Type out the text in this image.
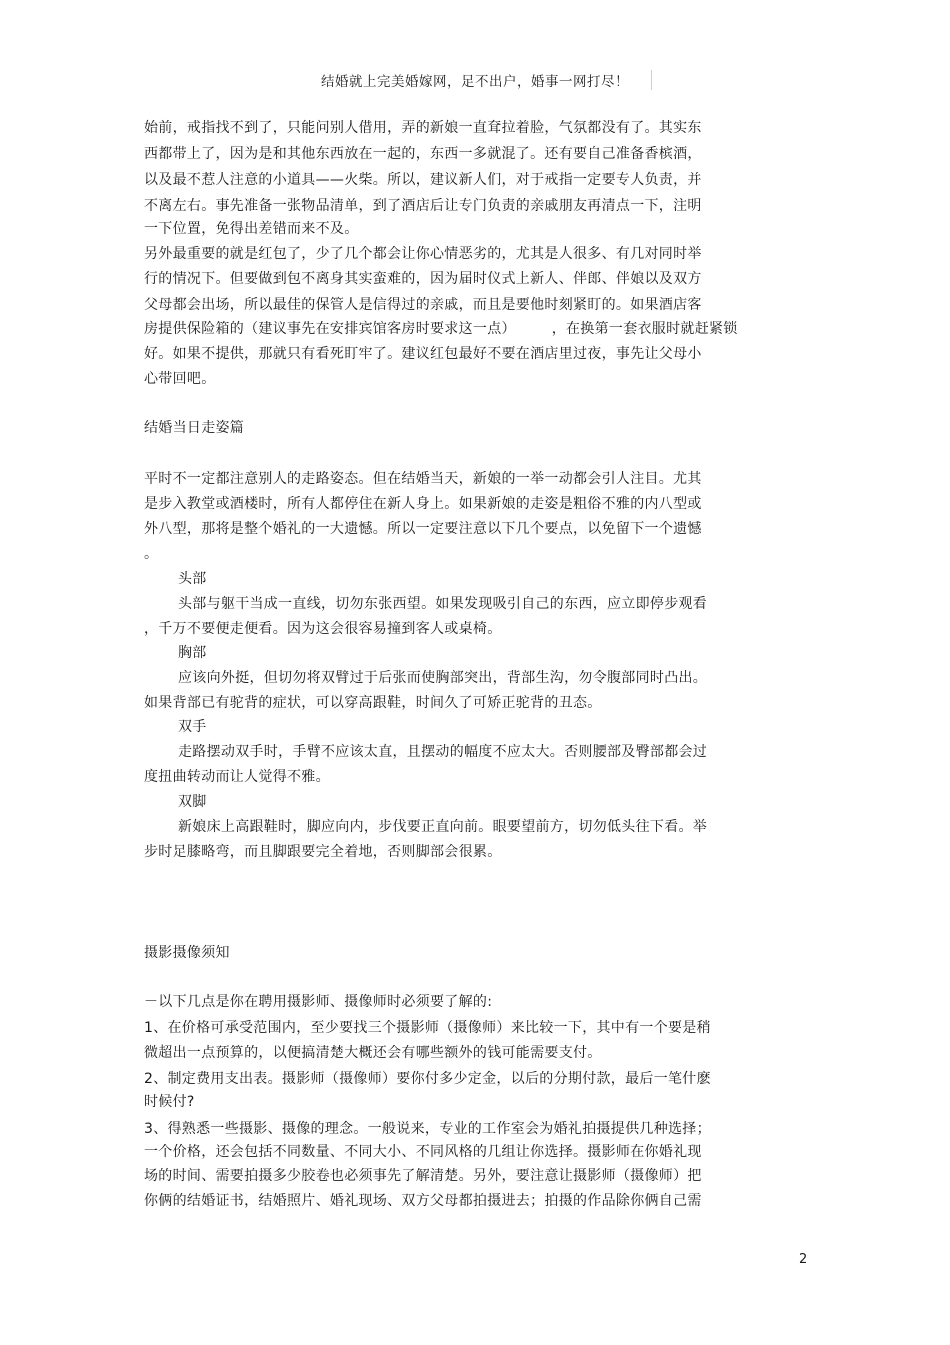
结婚就上完美婚嫁网，足不出户，婚事一网打尽！
始前，戒指找不到了，只能问别人借用，弄的新娘一直耷拉着脸，气氛都没有了。其实东
西都带上了，因为是和其他东西放在一起的，东西一多就混了。还有要自己准备香槟酒，
以及最不惹人注意的小道具——火柴。所以，建议新人们，对于戒指一定要专人负责，并
不离左右。事先准备一张物品清单，到了酒店后让专门负责的亲戚朋友再清点一下，注明
一下位置，免得出差错而来不及。
另外最重要的就是红包了，少了几个都会让你心情恶劣的，尤其是人很多、有几对同时举
行的情况下。但要做到包不离身其实蛮难的，因为届时仪式上新人、伴郎、伴娘以及双方
父母都会出场，所以最佳的保管人是信得过的亲戚，而且是要他时刻紧盯的。如果酒店客
房提供保险箱的（建议事先在安排宾馆客房时要求这一点）　　　，在换第一套衣服时就赶紧锁
好。如果不提供，那就只有看死盯牢了。建议红包最好不要在酒店里过夜，事先让父母小
心带回吧。
结婚当日走姿篇
平时不一定都注意别人的走路姿态。但在结婚当天，新娘的一举一动都会引人注目。尤其
是步入教堂或酒楼时，所有人都停住在新人身上。如果新娘的走姿是粗俗不雅的内八型或
外八型，那将是整个婚礼的一大遗憾。所以一定要注意以下几个要点，以免留下一个遗憾
。
头部
头部与躯干当成一直线，切勿东张西望。如果发现吸引自己的东西，应立即停步观看
，千万不要便走便看。因为这会很容易撞到客人或桌椅。
胸部
应该向外挺，但切勿将双臂过于后张而使胸部突出，背部生沟，勿令腹部同时凸出。
如果背部已有驼背的症状，可以穿高跟鞋，时间久了可矫正驼背的丑态。
双手
走路摆动双手时，手臂不应该太直，且摆动的幅度不应太大。否则腰部及臀部都会过
度扭曲转动而让人觉得不雅。
双脚
新娘床上高跟鞋时，脚应向内，步伐要正直向前。眼要望前方，切勿低头往下看。举
步时足膝略弯，而且脚跟要完全着地，否则脚部会很累。
摄影摄像须知
－以下几点是你在聘用摄影师、摄像师时必须要了解的:
1、在价格可承受范围内，至少要找三个摄影师（摄像师）来比较一下，其中有一个要是稍
微超出一点预算的，以便搞清楚大概还会有哪些额外的钱可能需要支付。
2、制定费用支出表。摄影师（摄像师）要你付多少定金，以后的分期付款，最后一笔什麽
时候付?
3、得熟悉一些摄影、摄像的理念。一般说来，专业的工作室会为婚礼拍摄提供几种选择；
一个价格，还会包括不同数量、不同大小、不同风格的几组让你选择。摄影师在你婚礼现
场的时间、需要拍摄多少胶卷也必须事先了解清楚。另外，要注意让摄影师（摄像师）把
你俩的结婚证书，结婚照片、婚礼现场、双方父母都拍摄进去；拍摄的作品除你俩自己需
2
